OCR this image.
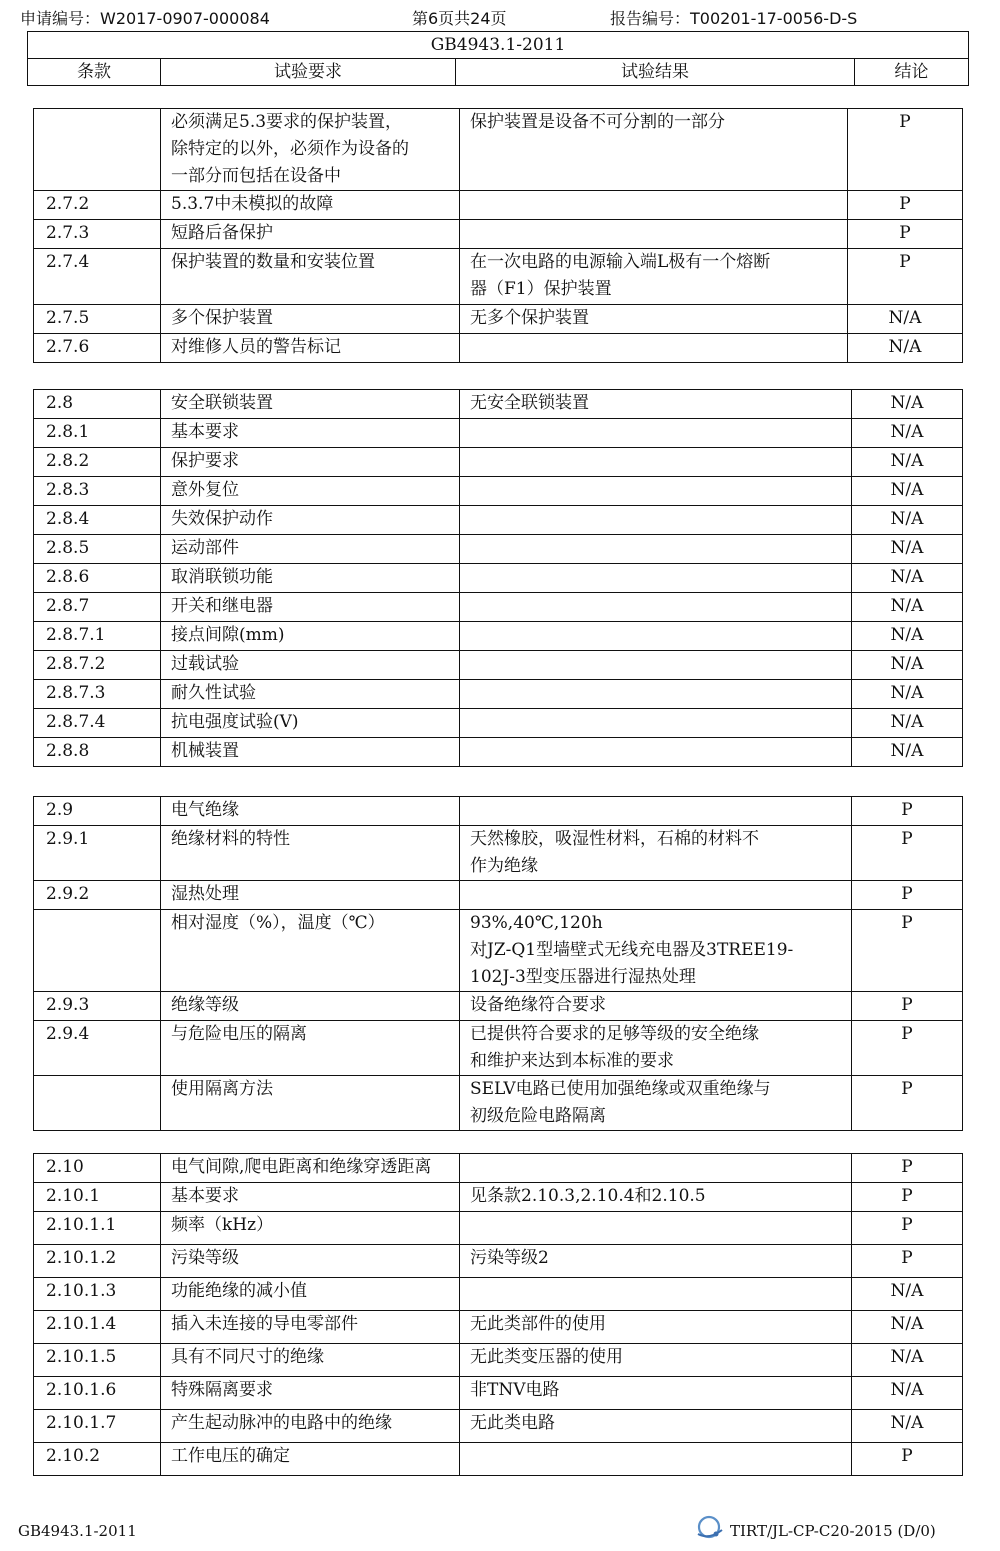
申请编号：W2017-0907-000084	第6页共24页	报告编号：T00201-17-0056-D-S
GB4943.1-2011
条款	试验要求	试验结果	结论

	必须满足5.3要求的保护装置，
除特定的以外，必须作为设备的
一部分而包括在设备中	保护装置是设备不可分割的一部分	P
2.7.2	5.3.7中未模拟的故障		P
2.7.3	短路后备保护		P
2.7.4	保护装置的数量和安装位置	在一次电路的电源输入端L极有一个熔断
器（F1）保护装置	P
2.7.5	多个保护装置	无多个保护装置	N/A
2.7.6	对维修人员的警告标记		N/A
2.8	安全联锁装置	无安全联锁装置	N/A
2.8.1	基本要求		N/A
2.8.2	保护要求		N/A
2.8.3	意外复位		N/A
2.8.4	失效保护动作		N/A
2.8.5	运动部件		N/A
2.8.6	取消联锁功能		N/A
2.8.7	开关和继电器		N/A
2.8.7.1	接点间隙(mm)		N/A
2.8.7.2	过载试验		N/A
2.8.7.3	耐久性试验		N/A
2.8.7.4	抗电强度试验(V)		N/A
2.8.8	机械装置		N/A
2.9	电气绝缘		P
2.9.1	绝缘材料的特性	天然橡胶，吸湿性材料，石棉的材料不
作为绝缘	P
2.9.2	湿热处理		P

	相对湿度（%），温度（℃）	93%,40℃,120h
对JZ-Q1型墙壁式无线充电器及3TREE19-
102J-3型变压器进行湿热处理	P
2.9.3	绝缘等级	设备绝缘符合要求	P
2.9.4	与危险电压的隔离	已提供符合要求的足够等级的安全绝缘
和维护来达到本标准的要求	P

	使用隔离方法	SELV电路已使用加强绝缘或双重绝缘与
初级危险电路隔离	P
2.10	电气间隙,爬电距离和绝缘穿透距离		P
2.10.1	基本要求	见条款2.10.3,2.10.4和2.10.5	P
2.10.1.1	频率（kHz）		P
2.10.1.2	污染等级	污染等级2	P
2.10.1.3	功能绝缘的减小值		N/A
2.10.1.4	插入未连接的导电零部件	无此类部件的使用	N/A
2.10.1.5	具有不同尺寸的绝缘	无此类变压器的使用	N/A
2.10.1.6	特殊隔离要求	非TNV电路	N/A
2.10.1.7	产生起动脉冲的电路中的绝缘	无此类电路	N/A
2.10.2	工作电压的确定		P
GB4943.1-2011	TIRT/JL-CP-C20-2015 (D/0)
